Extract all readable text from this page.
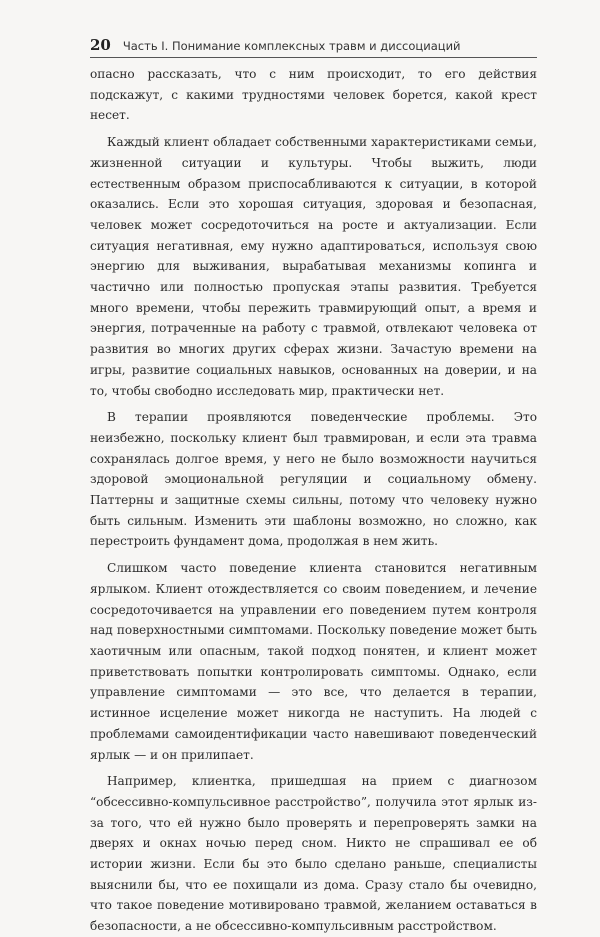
20 Часть I. Понимание комплексных травм и диссоциаций

опасно рассказать, что с ним происходит, то его действия подскажут, с какими трудностями человек борется, какой крест несет.

Каждый клиент обладает собственными характеристиками семьи, жизненной ситуации и культуры. Чтобы выжить, люди естественным образом приспосабливаются к ситуации, в которой оказались. Если это хорошая ситуация, здоровая и безопасная, человек может сосредоточиться на росте и актуализации. Если ситуация негативная, ему нужно адаптироваться, используя свою энергию для выживания, вырабатывая механизмы копинга и частично или полностью пропуская этапы развития. Требуется много времени, чтобы пережить травмирующий опыт, а время и энергия, потраченные на работу с травмой, отвлекают человека от развития во многих других сферах жизни. Зачастую времени на игры, развитие социальных навыков, основанных на доверии, и на то, чтобы свободно исследовать мир, практически нет.

В терапии проявляются поведенческие проблемы. Это неизбежно, поскольку клиент был травмирован, и если эта травма сохранялась долгое время, у него не было возможности научиться здоровой эмоциональной регуляции и социальному обмену. Паттерны и защитные схемы сильны, потому что человеку нужно быть сильным. Изменить эти шаблоны возможно, но сложно, как перестроить фундамент дома, продолжая в нем жить.

Слишком часто поведение клиента становится негативным ярлыком. Клиент отождествляется со своим поведением, и лечение сосредоточивается на управлении его поведением путем контроля над поверхностными симптомами. Поскольку поведение может быть хаотичным или опасным, такой подход понятен, и клиент может приветствовать попытки контролировать симптомы. Однако, если управление симптомами — это все, что делается в терапии, истинное исцеление может никогда не наступить. На людей с проблемами самоидентификации часто навешивают поведенческий ярлык — и он прилипает.

Например, клиентка, пришедшая на прием с диагнозом “обсессивно-компульсивное расстройство”, получила этот ярлык из-за того, что ей нужно было проверять и перепроверять замки на дверях и окнах ночью перед сном. Никто не спрашивал ее об истории жизни. Если бы это было сделано раньше, специалисты выяснили бы, что ее похищали из дома. Сразу стало бы очевидно, что такое поведение мотивировано травмой, желанием оставаться в безопасности, а не обсессивно-компульсивным расстройством.
